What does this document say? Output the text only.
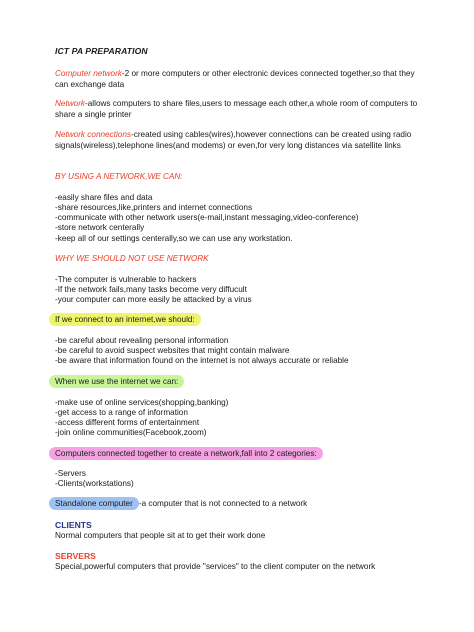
ICT PA PREPARATION
Computer network-2 or more computers or other electronic devices connected together,so that they can exchange data
Network-allows computers to share files,users to message each other,a whole room of computers to share a single printer
Network connections-created using cables(wires),however connections can be created using radio signals(wireless),telephone lines(and modems) or even,for very long distances via satellite links
BY USING A NETWORK,WE CAN:
-easily share files and data
-share resources,like,printers and internet connections
-communicate with other network users(e-mail,instant messaging,video-conference)
-store network centerally
-keep all of our settings centerally,so we can use any workstation.
WHY WE SHOULD NOT USE NETWORK
-The computer is vulnerable to hackers
-If the network fails,many tasks become very diffucult
-your computer can more easily be attacked by a virus
If we connect to an internet,we should:
-be careful about revealing personal information
-be careful to avoid suspect websites that might contain malware
-be aware that information found on the internet is not always accurate or reliable
When we use the internet we can:
-make use of online services(shopping,banking)
-get access to a range of information
-access different forms of entertainment
-join online communities(Facebook,zoom)
Computers connected together to create a network,fall into 2 categories:
-Servers
-Clients(workstations)
Standalone computer -a computer that is not connected to a network
CLIENTS
Normal computers that people sit at to get their work done
SERVERS
Special,powerful computers that provide "services" to the client computer on the network
